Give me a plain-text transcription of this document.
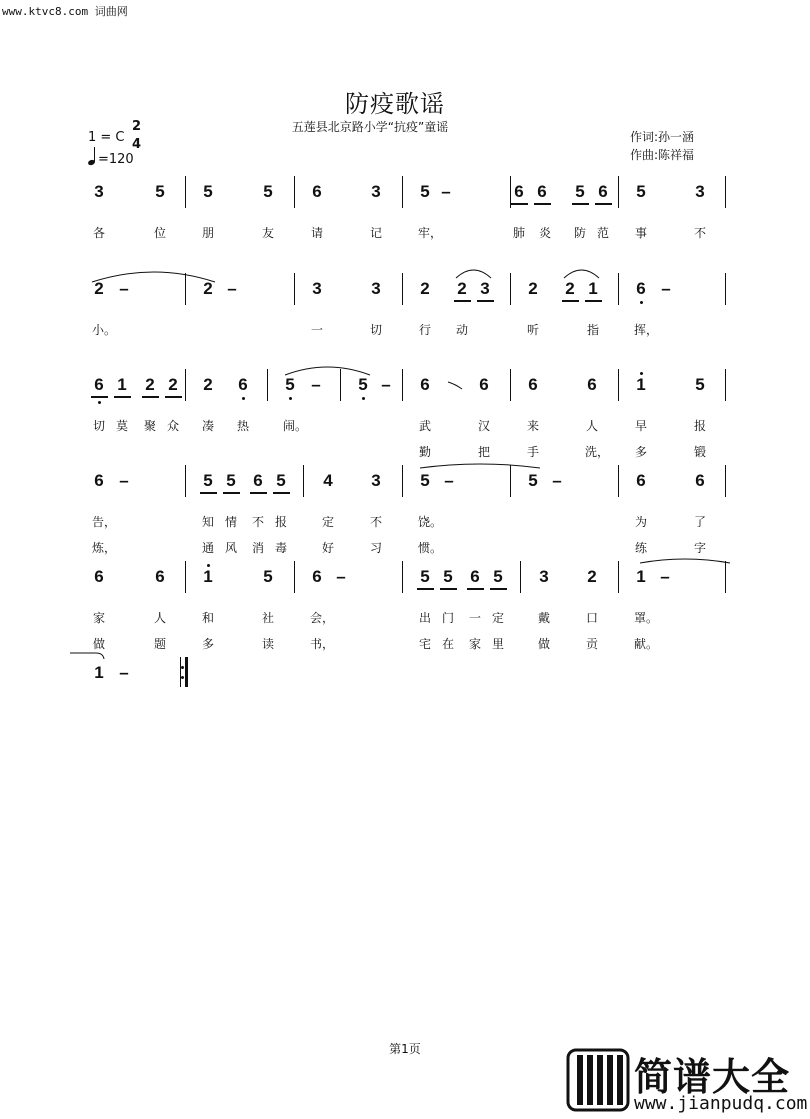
www.ktvc8.com 词曲网
防疫歌谣
五莲县北京路小学“抗疫”童谣
1 = C
2
4
=120
作词:孙一涵
作曲:陈祥福
3	5 5	5 6	3 5 –	6 6 5 6 5	3
各	位	朋	友	请	记	牢，	肺 炎 防 范 事	不
2 –	2 –	3	3 2 2 3 2 2 1 6 –
小。	一	切	行 动	听	指	挥，
6 1 2 2 2 6 5 – 5 – 6	6 6	6 1	5
切 莫 聚 众 凑 热	闹。	武	汉	来	人	早	报
勤	把	手	洗， 多	锻
6 –	5 5 6 5 4 3 5 –	5 –	6	6
告，	知 情 不 报	定	不	饶。	为	了
炼，	通 风 消 毒	好	习	惯。	练	字
6	6 1	5 6 –	5 5 6 5 3 2 1 –
家	人	和	社	会，	出 门 一 定	戴	口	罩。
做	题	多	读	书，	宅 在 家 里	做	贡	献。
1 –
第1页
简谱大全
www.jianpudq.com
